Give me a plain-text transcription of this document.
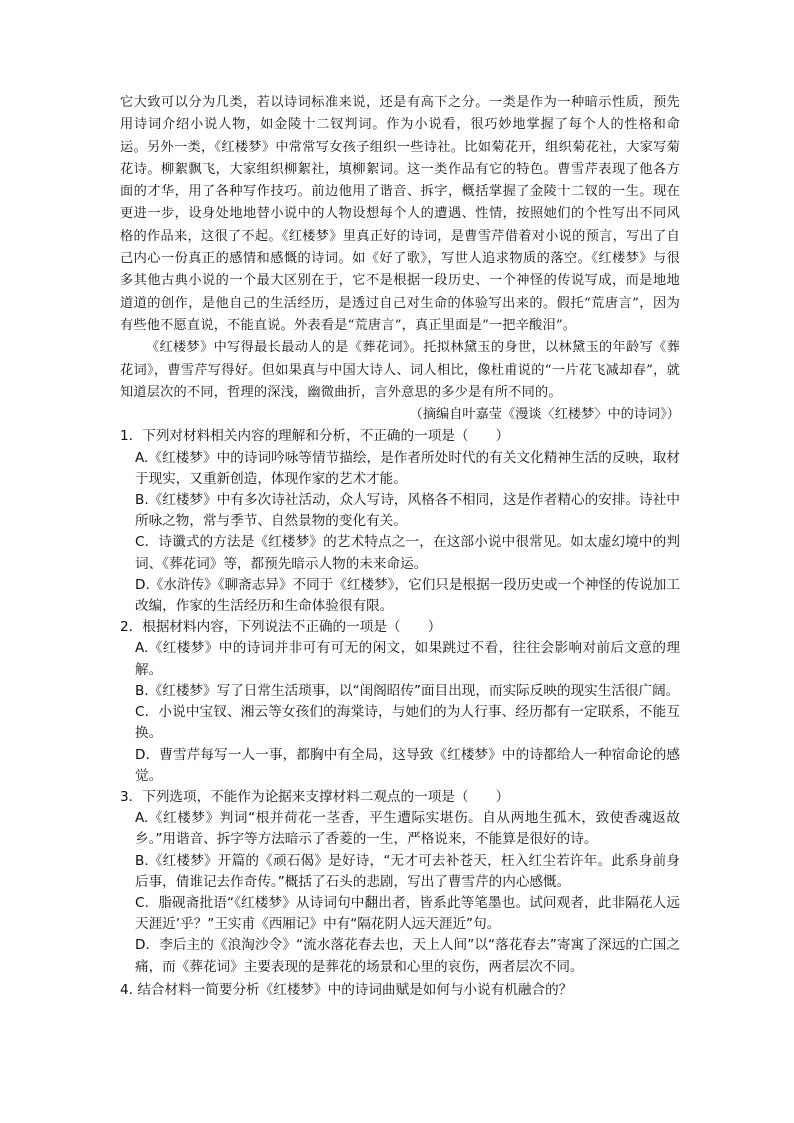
它大致可以分为几类，若以诗词标准来说，还是有高下之分。一类是作为一种暗示性质，预先用诗词介绍小说人物，如金陵十二钗判词。作为小说看，很巧妙地掌握了每个人的性格和命运。另外一类，《红楼梦》中常常写女孩子组织一些诗社。比如菊花开，组织菊花社，大家写菊花诗。柳絮飘飞，大家组织柳絮社，填柳絮词。这一类作品有它的特色。曹雪芹表现了他各方面的才华，用了各种写作技巧。前边他用了谐音、拆字，概括掌握了金陵十二钗的一生。现在更进一步，设身处地地替小说中的人物设想每个人的遭遇、性情，按照她们的个性写出不同风格的作品来，这很了不起。《红楼梦》里真正好的诗词，是曹雪芹借着对小说的预言，写出了自己内心一份真正的感情和感慨的诗词。如《好了歌》，写世人追求物质的落空。《红楼梦》与很多其他古典小说的一个最大区别在于，它不是根据一段历史、一个神怪的传说写成，而是地地道道的创作，是他自己的生活经历，是透过自己对生命的体验写出来的。假托“荒唐言”，因为有些他不愿直说，不能直说。外表看是“荒唐言”，真正里面是“一把辛酸泪”。

《红楼梦》中写得最长最动人的是《葬花词》。托拟林黛玉的身世，以林黛玉的年龄写《葬花词》，曹雪芹写得好。但如果真与中国大诗人、词人相比，像杜甫说的“一片花飞减却春”，就知道层次的不同，哲理的深浅，幽微曲折，言外意思的多少是有所不同的。

（摘编自叶嘉莹《漫谈〈红楼梦〉中的诗词》）

1．下列对材料相关内容的理解和分析，不正确的一项是（　　）

A.《红楼梦》中的诗词吟咏等情节描绘，是作者所处时代的有关文化精神生活的反映，取材于现实，又重新创造，体现作家的艺术才能。

B.《红楼梦》中有多次诗社活动，众人写诗，风格各不相同，这是作者精心的安排。诗社中所咏之物，常与季节、自然景物的变化有关。

C．诗谶式的方法是《红楼梦》的艺术特点之一，在这部小说中很常见。如太虚幻境中的判词、《葬花词》等，都预先暗示人物的未来命运。

D.《水浒传》《聊斋志异》不同于《红楼梦》，它们只是根据一段历史或一个神怪的传说加工改编，作家的生活经历和生命体验很有限。

2．根据材料内容，下列说法不正确的一项是（　　）

A.《红楼梦》中的诗词并非可有可无的闲文，如果跳过不看，往往会影响对前后文意的理解。

B.《红楼梦》写了日常生活琐事，以“闺阁昭传”面目出现，而实际反映的现实生活很广阔。

C．小说中宝钗、湘云等女孩们的海棠诗，与她们的为人行事、经历都有一定联系，不能互换。

D．曹雪芹每写一人一事，都胸中有全局，这导致《红楼梦》中的诗都给人一种宿命论的感觉。

3．下列选项，不能作为论据来支撑材料二观点的一项是（　　）

A.《红楼梦》判词“根并荷花一茎香，平生遭际实堪伤。自从两地生孤木，致使香魂返故乡。”用谐音、拆字等方法暗示了香菱的一生，严格说来，不能算是很好的诗。

B.《红楼梦》开篇的《顽石偈》是好诗，“无才可去补苍天，枉入红尘若许年。此系身前身后事，倩谁记去作奇传。”概括了石头的悲剧，写出了曹雪芹的内心感慨。

C．脂砚斋批语“《红楼梦》从诗词句中翻出者，皆系此等笔墨也。试问观者，此非隔花人远天涯近’乎？”王实甫《西厢记》中有“隔花阴人远天涯近”句。

D．李后主的《浪淘沙令》“流水落花春去也，天上人间”以“落花春去”寄寓了深远的亡国之痛，而《葬花词》主要表现的是葬花的场景和心里的哀伤，两者层次不同。

4. 结合材料一简要分析《红楼梦》中的诗词曲赋是如何与小说有机融合的？
